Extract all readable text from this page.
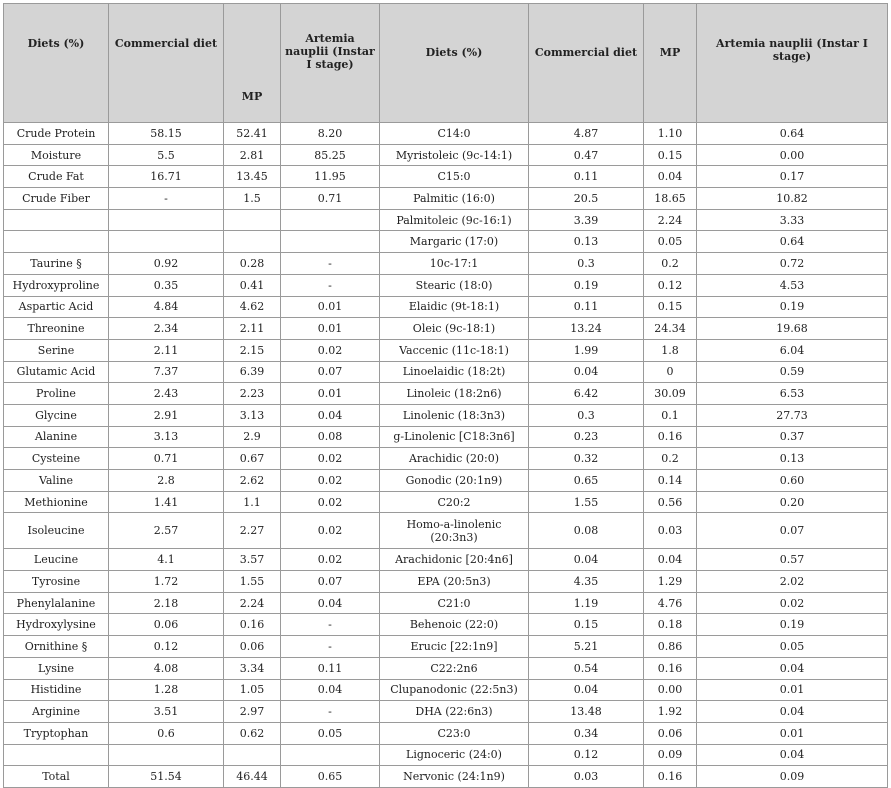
Diets (%)	Commercial diet	MP	Artemia nauplii (Instar I stage)	Diets (%)	Commercial diet	MP	Artemia nauplii (Instar I stage)
Crude Protein	58.15	52.41	8.20	C14:0	4.87	1.10	0.64
Moisture	5.5	2.81	85.25	Myristoleic (9c-14:1)	0.47	0.15	0.00
Crude Fat	16.71	13.45	11.95	C15:0	0.11	0.04	0.17
Crude Fiber	-	1.5	0.71	Palmitic (16:0)	20.5	18.65	10.82
				Palmitoleic (9c-16:1)	3.39	2.24	3.33
				Margaric (17:0)	0.13	0.05	0.64
Taurine §	0.92	0.28	-	10c-17:1	0.3	0.2	0.72
Hydroxyproline	0.35	0.41	-	Stearic (18:0)	0.19	0.12	4.53
Aspartic Acid	4.84	4.62	0.01	Elaidic (9t-18:1)	0.11	0.15	0.19
Threonine	2.34	2.11	0.01	Oleic (9c-18:1)	13.24	24.34	19.68
Serine	2.11	2.15	0.02	Vaccenic (11c-18:1)	1.99	1.8	6.04
Glutamic Acid	7.37	6.39	0.07	Linoelaidic (18:2t)	0.04	0	0.59
Proline	2.43	2.23	0.01	Linoleic (18:2n6)	6.42	30.09	6.53
Glycine	2.91	3.13	0.04	Linolenic (18:3n3)	0.3	0.1	27.73
Alanine	3.13	2.9	0.08	g-Linolenic [C18:3n6]	0.23	0.16	0.37
Cysteine	0.71	0.67	0.02	Arachidic (20:0)	0.32	0.2	0.13
Valine	2.8	2.62	0.02	Gonodic (20:1n9)	0.65	0.14	0.60
Methionine	1.41	1.1	0.02	C20:2	1.55	0.56	0.20
Isoleucine	2.57	2.27	0.02	Homo-a-linolenic (20:3n3)	0.08	0.03	0.07
Leucine	4.1	3.57	0.02	Arachidonic [20:4n6]	0.04	0.04	0.57
Tyrosine	1.72	1.55	0.07	EPA (20:5n3)	4.35	1.29	2.02
Phenylalanine	2.18	2.24	0.04	C21:0	1.19	4.76	0.02
Hydroxylysine	0.06	0.16	-	Behenoic (22:0)	0.15	0.18	0.19
Ornithine §	0.12	0.06	-	Erucic [22:1n9]	5.21	0.86	0.05
Lysine	4.08	3.34	0.11	C22:2n6	0.54	0.16	0.04
Histidine	1.28	1.05	0.04	Clupanodonic (22:5n3)	0.04	0.00	0.01
Arginine	3.51	2.97	-	DHA (22:6n3)	13.48	1.92	0.04
Tryptophan	0.6	0.62	0.05	C23:0	0.34	0.06	0.01
				Lignoceric (24:0)	0.12	0.09	0.04
Total	51.54	46.44	0.65	Nervonic (24:1n9)	0.03	0.16	0.09
